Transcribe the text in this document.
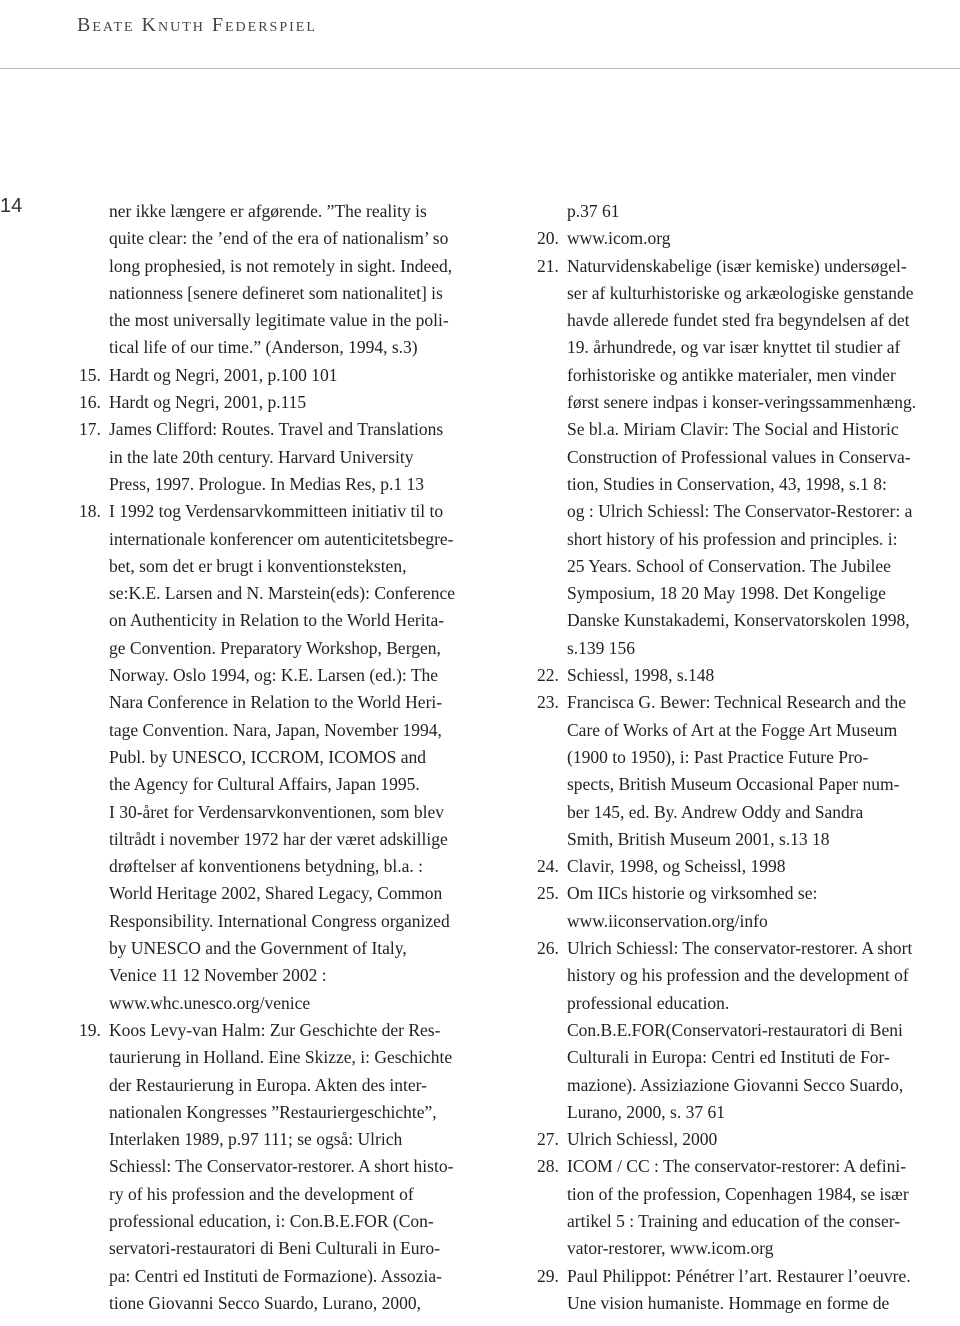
Beate Knuth Federspiel
14	ner ikke længere er afgørende. ”The reality is
quite clear: the ’end of the era of nationalism’ so
long prophesied, is not remotely in sight. Indeed,
nationness [senere defineret som nationalitet] is
the most universally legitimate value in the poli-
tical life of our time.” (Anderson, 1994, s.3)
15. Hardt og Negri, 2001, p.100 101
16. Hardt og Negri, 2001, p.115
17. James Clifford: Routes. Travel and Translations
in the late 20th century. Harvard University
Press, 1997. Prologue. In Medias Res, p.1 13
18. I 1992 tog Verdensarvkommitteen initiativ til to
internationale konferencer om autenticitetsbegre-
bet, som det er brugt i konventionsteksten,
se:K.E. Larsen and N. Marstein(eds): Conference
on Authenticity in Relation to the World Herita-
ge Convention. Preparatory Workshop, Bergen,
Norway. Oslo 1994, og: K.E. Larsen (ed.): The
Nara Conference in Relation to the World Heri-
tage Convention. Nara, Japan, November 1994,
Publ. by UNESCO, ICCROM, ICOMOS and
the Agency for Cultural Affairs, Japan 1995.
I 30-året for Verdensarvkonventionen, som blev
tiltrådt i november 1972 har der været adskillige
drøftelser af konventionens betydning, bl.a. :
World Heritage 2002, Shared Legacy, Common
Responsibility. International Congress organized
by UNESCO and the Government of Italy,
Venice 11 12 November 2002 :
www.whc.unesco.org/venice
19. Koos Levy-van Halm: Zur Geschichte der Res-
taurierung in Holland. Eine Skizze, i: Geschichte
der Restaurierung in Europa. Akten des inter-
nationalen Kongresses ”Restauriergeschichte”,
Interlaken 1989, p.97 111; se også: Ulrich
Schiessl: The Conservator-restorer. A short histo-
ry of his profession and the development of
professional education, i: Con.B.E.FOR (Con-
servatori-restauratori di Beni Culturali in Euro-
pa: Centri ed Instituti de Formazione). Assozia-
tione Giovanni Secco Suardo, Lurano, 2000,
p.37 61
20. www.icom.org
21. Naturvidenskabelige (især kemiske) undersøgel-
ser af kulturhistoriske og arkæologiske genstande
havde allerede fundet sted fra begyndelsen af det
19. århundrede, og var især knyttet til studier af
forhistoriske og antikke materialer, men vinder
først senere indpas i konser-veringssammenhæng.
Se bl.a. Miriam Clavir: The Social and Historic
Construction of Professional values in Conserva-
tion, Studies in Conservation, 43, 1998, s.1 8:
og : Ulrich Schiessl: The Conservator-Restorer: a
short history of his profession and principles. i:
25 Years. School of Conservation. The Jubilee
Symposium, 18 20 May 1998. Det Kongelige
Danske Kunstakademi, Konservatorskolen 1998,
s.139 156
22. Schiessl, 1998, s.148
23. Francisca G. Bewer: Technical Research and the
Care of Works of Art at the Fogge Art Museum
(1900 to 1950), i: Past Practice Future Pro-
spects, British Museum Occasional Paper num-
ber 145, ed. By. Andrew Oddy and Sandra
Smith, British Museum 2001, s.13 18
24. Clavir, 1998, og Scheissl, 1998
25. Om IICs historie og virksomhed se:
www.iiconservation.org/info
26. Ulrich Schiessl: The conservator-restorer. A short
history og his profession and the development of
professional education.
Con.B.E.FOR(Conservatori-restauratori di Beni
Culturali in Europa: Centri ed Instituti de For-
mazione). Assiziazione Giovanni Secco Suardo,
Lurano, 2000, s. 37 61
27. Ulrich Schiessl, 2000
28. ICOM / CC : The conservator-restorer: A defini-
tion of the profession, Copenhagen 1984, se især
artikel 5 : Training and education of the conser-
vator-restorer, www.icom.org
29. Paul Philippot: Pénétrer l’art. Restaurer l’oeuvre.
Une vision humaniste. Hommage en forme de
